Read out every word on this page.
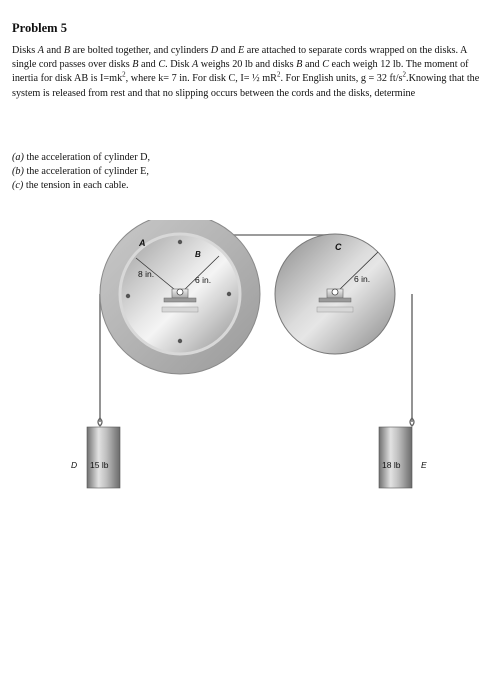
Problem 5

Disks A and B are bolted together, and cylinders D and E are attached to separate cords wrapped on the disks. A single cord passes over disks B and C. Disk A weighs 20 lb and disks B and C each weigh 12 lb. The moment of inertia for disk AB is $I=mk^2$, where k= 7 in. For disk C, I= ½ $mR^2$. For English units, g = 32 $ft/s^2.Knowing$ that the system is released from rest and that no slipping occurs between the cords and the disks, determine

(a) the acceleration of cylinder D,
(b) the acceleration of cylinder E,
(c) the tension in each cable.
A
B
C
8 in.
6 in.	6 in.
D 15 lb	18 lb E
